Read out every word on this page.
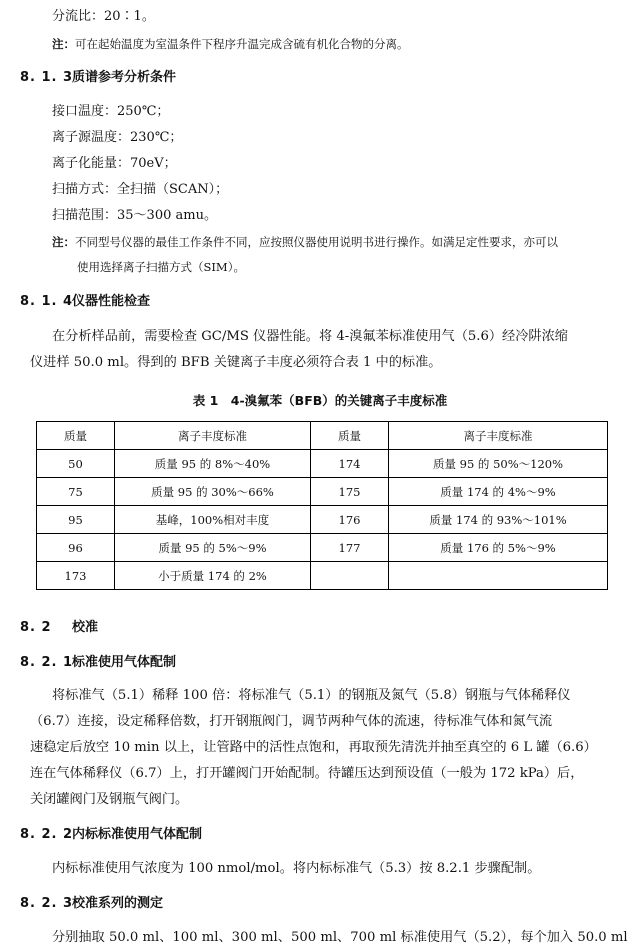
分流比：20∶1。
注：可在起始温度为室温条件下程序升温完成含硫有机化合物的分离。
8. 1. 3质谱参考分析条件
接口温度：250℃；
离子源温度：230℃；
离子化能量：70eV；
扫描方式：全扫描（SCAN）；
扫描范围：35～300 amu。
注：不同型号仪器的最佳工作条件不同，应按照仪器使用说明书进行操作。如满足定性要求，亦可以
使用选择离子扫描方式（SIM）。
8. 1. 4仪器性能检查
在分析样品前，需要检查 GC/MS 仪器性能。将 4-溴氟苯标准使用气（5.6）经冷阱浓缩
仪进样 50.0 ml。得到的 BFB 关键离子丰度必须符合表 1 中的标准。
表 1　4-溴氟苯（BFB）的关键离子丰度标准
质量	离子丰度标准	质量	离子丰度标准
50	质量 95 的 8%～40%	174	质量 95 的 50%～120%
75	质量 95 的 30%～66%	175	质量 174 的 4%～9%
95	基峰，100%相对丰度	176	质量 174 的 93%～101%
96	质量 95 的 5%～9%	177	质量 176 的 5%～9%
173	小于质量 174 的 2%		
8. 2 校准
8. 2. 1标准使用气体配制
将标准气（5.1）稀释 100 倍：将标准气（5.1）的钢瓶及氮气（5.8）钢瓶与气体稀释仪
（6.7）连接，设定稀释倍数，打开钢瓶阀门，调节两种气体的流速，待标准气体和氮气流
速稳定后放空 10 min 以上，让管路中的活性点饱和，再取预先清洗并抽至真空的 6 L 罐（6.6）
连在气体稀释仪（6.7）上，打开罐阀门开始配制。待罐压达到预设值（一般为 172 kPa）后，
关闭罐阀门及钢瓶气阀门。
8. 2. 2内标标准使用气体配制
内标标准使用气浓度为 100 nmol/mol。将内标标准气（5.3）按 8.2.1 步骤配制。
8. 2. 3校准系列的测定
分别抽取 50.0 ml、100 ml、300 ml、500 ml、700 ml 标准使用气（5.2），每个加入 50.0 ml
